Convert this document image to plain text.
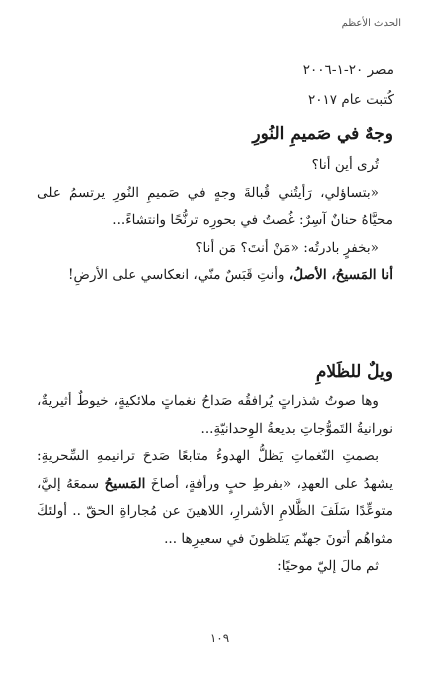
الحدث الأعظم
مصر ٢٠-١-٢٠٠٦
كُتبت عام ٢٠١٧
وجهٌ في صَميمِ النُورِ

تُرى أين أنا؟

«بتساؤلي، رَأيتُني قُبالةَ وجهٍ في صَميمِ النُورِ يرتسمُ على محيَّاهُ حنانٌ آسِرٌ: غُصتُ في بحورِه ترنُّحًا وانتشاءً...

«بخفرٍ بادرتُه: «مَنْ أنتَ؟ مَن أنا؟

أنا المَسيحُ، الأصلُ، وأنتِ قَبَسٌ منّي، انعكاسي على الأرضِ!

ويلٌ للظَلامِ

وها صوتُ شذراتٍ يُرافقُه صَداحُ نغماتٍ ملائكيةٍ، خيوطٌ أثيريةٌ، نورانيةُ التَموُّجاتِ بديعةُ الوِحدانيّةِ...

بصمتِ النّغماتِ يَظلُّ الهدوءُ متابعًا صَدحَ ترانيمهِ السِّحريةِ: يشهدُ على العهدِ، «بفرطِ حبٍ ورأفةٍ، أصاخَ المَسيحُ سمعَهُ إليَّ، متوعِّدًا سَلَفَ الظَّلامِ الأشرارِ، اللاهينَ عن مُجاراةِ الحقّ .. أولئكَ مثواهُم أتونَ جهنّم يَتلظونَ في سعيرِها ...

ثم مالَ إليّ موحيًا:

١٠٩
